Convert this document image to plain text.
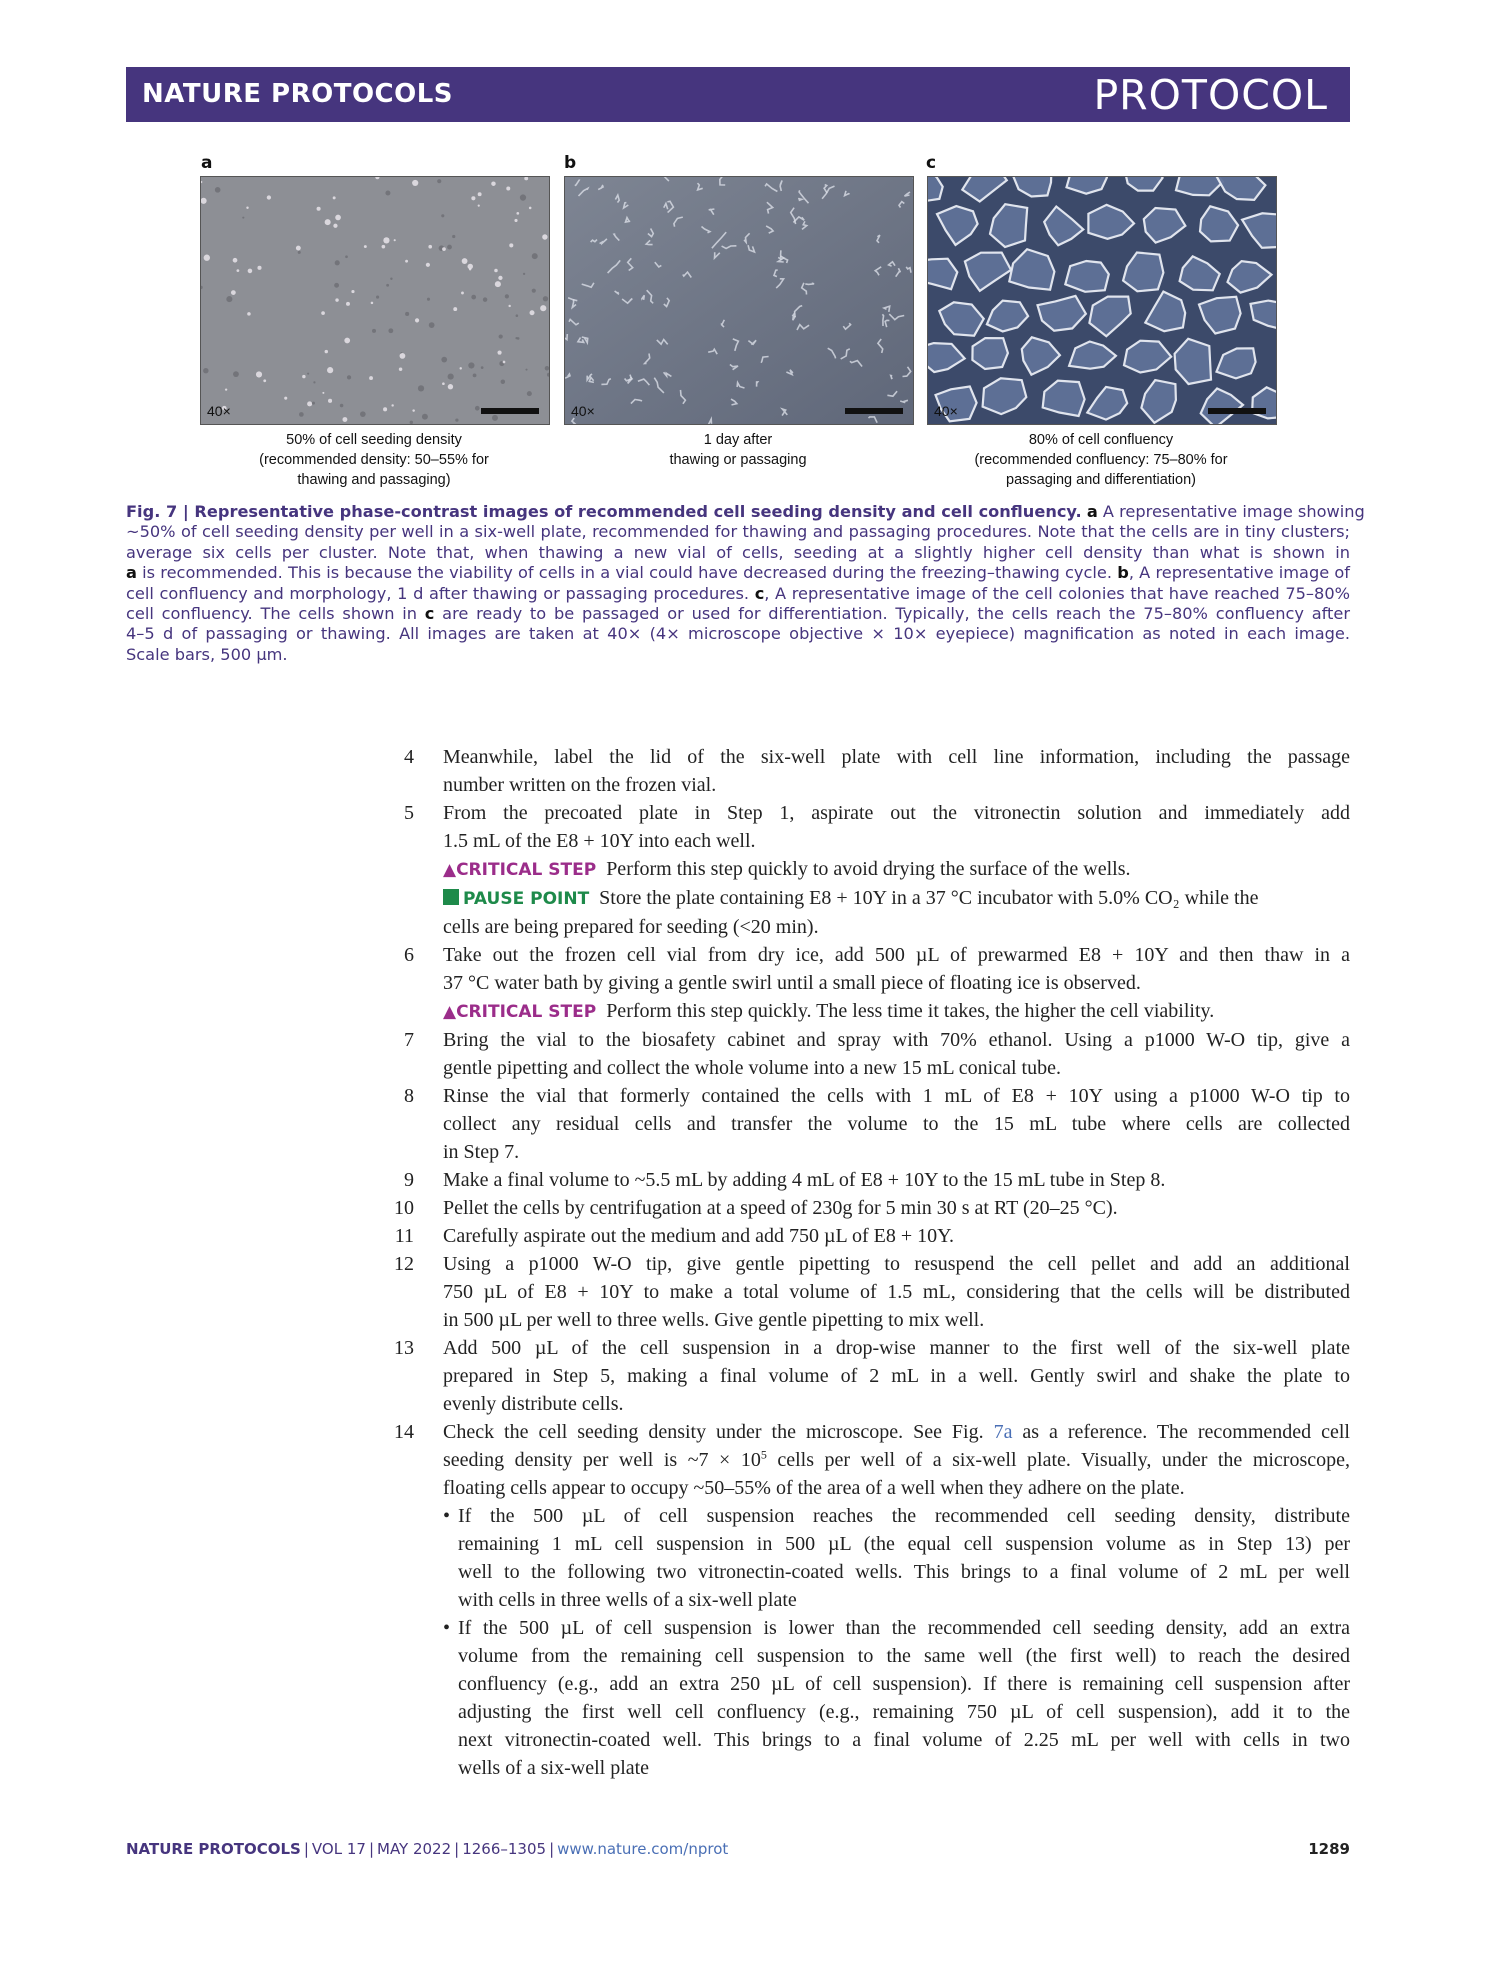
NATURE PROTOCOLS	PROTOCOL
a	b	c
40×	40×	40×
50% of cell seeding density
(recommended density: 50–55% for
thawing and passaging)
1 day after
thawing or passaging
80% of cell confluency
(recommended confluency: 75–80% for
passaging and differentiation)
Fig. 7 | Representative phase-contrast images of recommended cell seeding density and cell confluency. a A representative image showing
~50% of cell seeding density per well in a six-well plate, recommended for thawing and passaging procedures. Note that the cells are in tiny clusters;
average six cells per cluster. Note that, when thawing a new vial of cells, seeding at a slightly higher cell density than what is shown in
a is recommended. This is because the viability of cells in a vial could have decreased during the freezing–thawing cycle. b, A representative image of
cell confluency and morphology, 1 d after thawing or passaging procedures. c, A representative image of the cell colonies that have reached 75–80%
cell confluency. The cells shown in c are ready to be passaged or used for differentiation. Typically, the cells reach the 75–80% confluency after
4–5 d of passaging or thawing. All images are taken at 40× (4× microscope objective × 10× eyepiece) magnification as noted in each image.
Scale bars, 500 µm.
4 Meanwhile, label the lid of the six-well plate with cell line information, including the passage
number written on the frozen vial.
5 From the precoated plate in Step 1, aspirate out the vitronectin solution and immediately add
1.5 mL of the E8 + 10Y into each well.
▲CRITICAL STEP Perform this step quickly to avoid drying the surface of the wells.
PAUSE POINT Store the plate containing E8 + 10Y in a 37 °C incubator with 5.0% CO₂ while the
cells are being prepared for seeding (<20 min).
6 Take out the frozen cell vial from dry ice, add 500 µL of prewarmed E8 + 10Y and then thaw in a
37 °C water bath by giving a gentle swirl until a small piece of floating ice is observed.
▲CRITICAL STEP Perform this step quickly. The less time it takes, the higher the cell viability.
7 Bring the vial to the biosafety cabinet and spray with 70% ethanol. Using a p1000 W-O tip, give a
gentle pipetting and collect the whole volume into a new 15 mL conical tube.
8 Rinse the vial that formerly contained the cells with 1 mL of E8 + 10Y using a p1000 W-O tip to
collect any residual cells and transfer the volume to the 15 mL tube where cells are collected
in Step 7.
9 Make a final volume to ~5.5 mL by adding 4 mL of E8 + 10Y to the 15 mL tube in Step 8.
10 Pellet the cells by centrifugation at a speed of 230g for 5 min 30 s at RT (20–25 °C).
11 Carefully aspirate out the medium and add 750 µL of E8 + 10Y.
12 Using a p1000 W-O tip, give gentle pipetting to resuspend the cell pellet and add an additional
750 µL of E8 + 10Y to make a total volume of 1.5 mL, considering that the cells will be distributed
in 500 µL per well to three wells. Give gentle pipetting to mix well.
13 Add 500 µL of the cell suspension in a drop-wise manner to the first well of the six-well plate
prepared in Step 5, making a final volume of 2 mL in a well. Gently swirl and shake the plate to
evenly distribute cells.
14 Check the cell seeding density under the microscope. See Fig. 7a as a reference. The recommended cell
seeding density per well is ~7 × $10^5$ cells per well of a six-well plate. Visually, under the microscope,
floating cells appear to occupy ~50–55% of the area of a well when they adhere on the plate.
• If the 500 µL of cell suspension reaches the recommended cell seeding density, distribute
remaining 1 mL cell suspension in 500 µL (the equal cell suspension volume as in Step 13) per
well to the following two vitronectin-coated wells. This brings to a final volume of 2 mL per well
with cells in three wells of a six-well plate
• If the 500 µL of cell suspension is lower than the recommended cell seeding density, add an extra
volume from the remaining cell suspension to the same well (the first well) to reach the desired
confluency (e.g., add an extra 250 µL of cell suspension). If there is remaining cell suspension after
adjusting the first well cell confluency (e.g., remaining 750 µL of cell suspension), add it to the
next vitronectin-coated well. This brings to a final volume of 2.25 mL per well with cells in two
wells of a six-well plate
NATURE PROTOCOLS | VOL 17 | MAY 2022 | 1266–1305 | www.nature.com/nprot	1289
